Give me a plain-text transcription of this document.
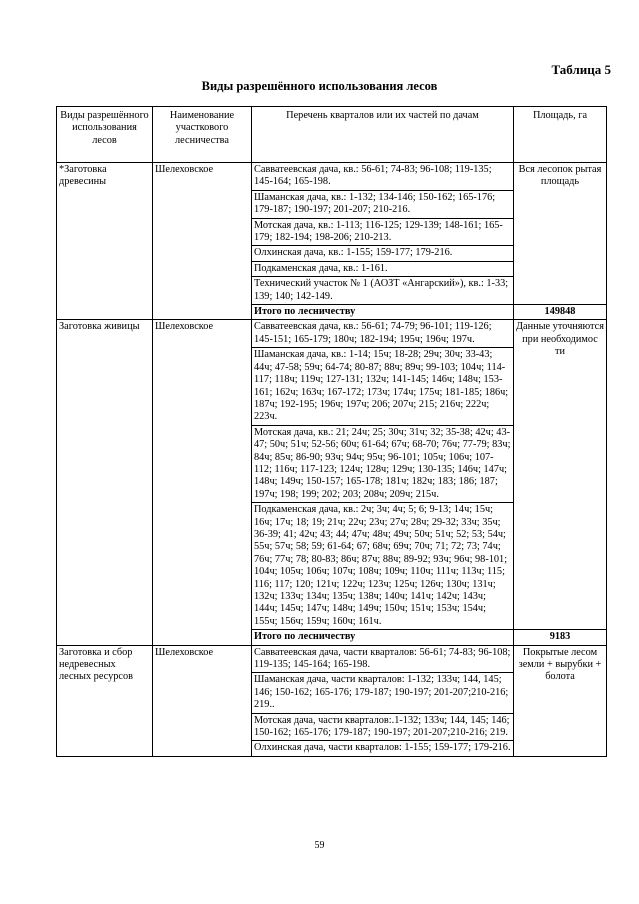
Таблица 5
Виды разрешённого использования лесов
Виды разрешённого использования лесов	Наименование участкового лесничества	Перечень кварталов или их частей по дачам	Площадь, га
*Заготовка древесины	Шелеховское	Савватеевская дача, кв.: 56-61; 74-83; 96-108; 119-135; 145-164; 165-198.	Вся лесопок рытая площадь
		Шаманская дача, кв.: 1-132; 134-146; 150-162; 165-176; 179-187; 190-197; 201-207; 210-216.	
		Мотская дача, кв.: 1-113; 116-125; 129-139; 148-161; 165-179; 182-194; 198-206; 210-213.	
		Олхинская дача, кв.: 1-155; 159-177; 179-216.	
		Подкаменская дача, кв.: 1-161.	
		Технический участок № 1 (АОЗТ «Ангарский»), кв.: 1-33; 139; 140; 142-149.	
		Итого по лесничеству	149848
Заготовка живицы	Шелеховское	Савватеевская дача, кв.: 56-61; 74-79; 96-101; 119-126; 145-151; 165-179; 180ч; 182-194; 195ч; 196ч; 197ч.	Данные уточняются при необходимос ти
		Шаманская дача, кв.: 1-14; 15ч; 18-28; 29ч; 30ч; 33-43; 44ч; 47-58; 59ч; 64-74; 80-87; 88ч; 89ч; 99-103; 104ч; 114-117; 118ч; 119ч; 127-131; 132ч; 141-145; 146ч; 148ч; 153-161; 162ч; 163ч; 167-172; 173ч; 174ч; 175ч; 181-185; 186ч; 187ч; 192-195; 196ч; 197ч; 206; 207ч; 215; 216ч; 222ч; 223ч.	
		Мотская дача, кв.: 21; 24ч; 25; 30ч; 31ч; 32; 35-38; 42ч; 43-47; 50ч; 51ч; 52-56; 60ч; 61-64; 67ч; 68-70; 76ч; 77-79; 83ч; 84ч; 85ч; 86-90; 93ч; 94ч; 95ч; 96-101; 105ч; 106ч; 107-112; 116ч; 117-123; 124ч; 128ч; 129ч; 130-135; 146ч; 147ч; 148ч; 149ч; 150-157; 165-178; 181ч; 182ч; 183; 186; 187; 197ч; 198; 199; 202; 203; 208ч; 209ч; 215ч.	
		Подкаменская дача, кв.: 2ч; 3ч; 4ч; 5; 6; 9-13; 14ч; 15ч; 16ч; 17ч; 18; 19; 21ч; 22ч; 23ч; 27ч; 28ч; 29-32; 33ч; 35ч; 36-39; 41; 42ч; 43; 44; 47ч; 48ч; 49ч; 50ч; 51ч; 52; 53; 54ч; 55ч; 57ч; 58; 59; 61-64; 67; 68ч; 69ч; 70ч; 71; 72; 73; 74ч; 76ч; 77ч; 78; 80-83; 86ч; 87ч; 88ч; 89-92; 93ч; 96ч; 98-101; 104ч; 105ч; 106ч; 107ч; 108ч; 109ч; 110ч; 111ч; 113ч; 115; 116; 117; 120; 121ч; 122ч; 123ч; 125ч; 126ч; 130ч; 131ч; 132ч; 133ч; 134ч; 135ч; 138ч; 140ч; 141ч; 142ч; 143ч; 144ч; 145ч; 147ч; 148ч; 149ч; 150ч; 151ч; 153ч; 154ч; 155ч; 156ч; 159ч; 160ч; 161ч.	
		Итого по лесничеству	9183
Заготовка и сбор недревесных лесных ресурсов	Шелеховское	Савватеевская дача, части кварталов: 56-61; 74-83; 96-108; 119-135; 145-164; 165-198.	Покрытые лесом земли + вырубки + болота
		Шаманская дача, части кварталов: 1-132; 133ч; 144, 145; 146; 150-162; 165-176; 179-187; 190-197; 201-207;210-216; 219..	
		Мотская дача, части кварталов:.1-132; 133ч; 144, 145; 146; 150-162; 165-176; 179-187; 190-197; 201-207;210-216; 219.	
		Олхинская дача, части кварталов: 1-155; 159-177; 179-216.	
59
